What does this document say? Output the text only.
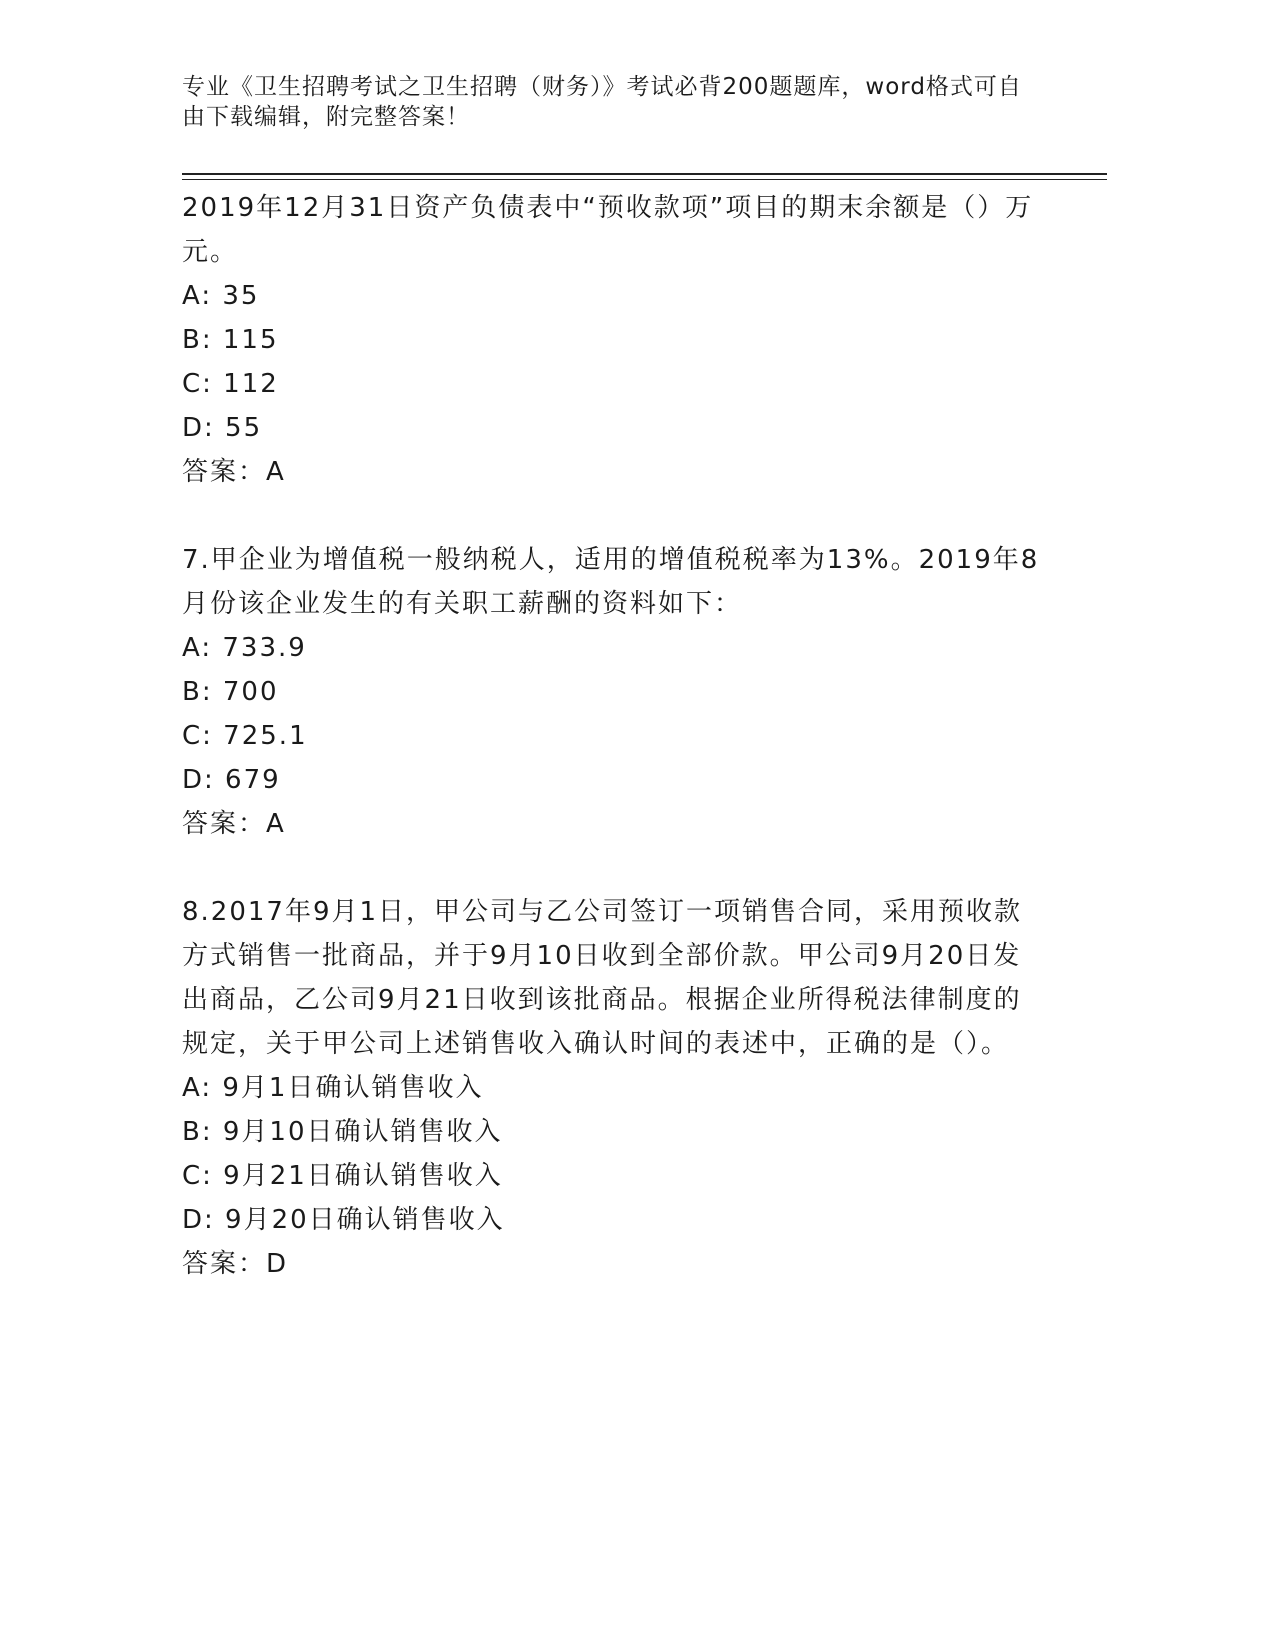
专业《卫生招聘考试之卫生招聘（财务）》考试必背200题题库，word格式可自由下载编辑，附完整答案！

2019年12月31日资产负债表中“预收款项”项目的期末余额是（）万元。

A: 35

B: 115

C: 112

D: 55

答案：A

7.甲企业为增值税一般纳税人，适用的增值税税率为13%。2019年8月份该企业发生的有关职工薪酬的资料如下：

A: 733.9

B: 700

C: 725.1

D: 679

答案：A

8.2017年9月1日，甲公司与乙公司签订一项销售合同，采用预收款方式销售一批商品，并于9月10日收到全部价款。甲公司9月20日发出商品，乙公司9月21日收到该批商品。根据企业所得税法律制度的规定，关于甲公司上述销售收入确认时间的表述中，正确的是（）。

A: 9月1日确认销售收入

B: 9月10日确认销售收入

C: 9月21日确认销售收入

D: 9月20日确认销售收入

答案：D
